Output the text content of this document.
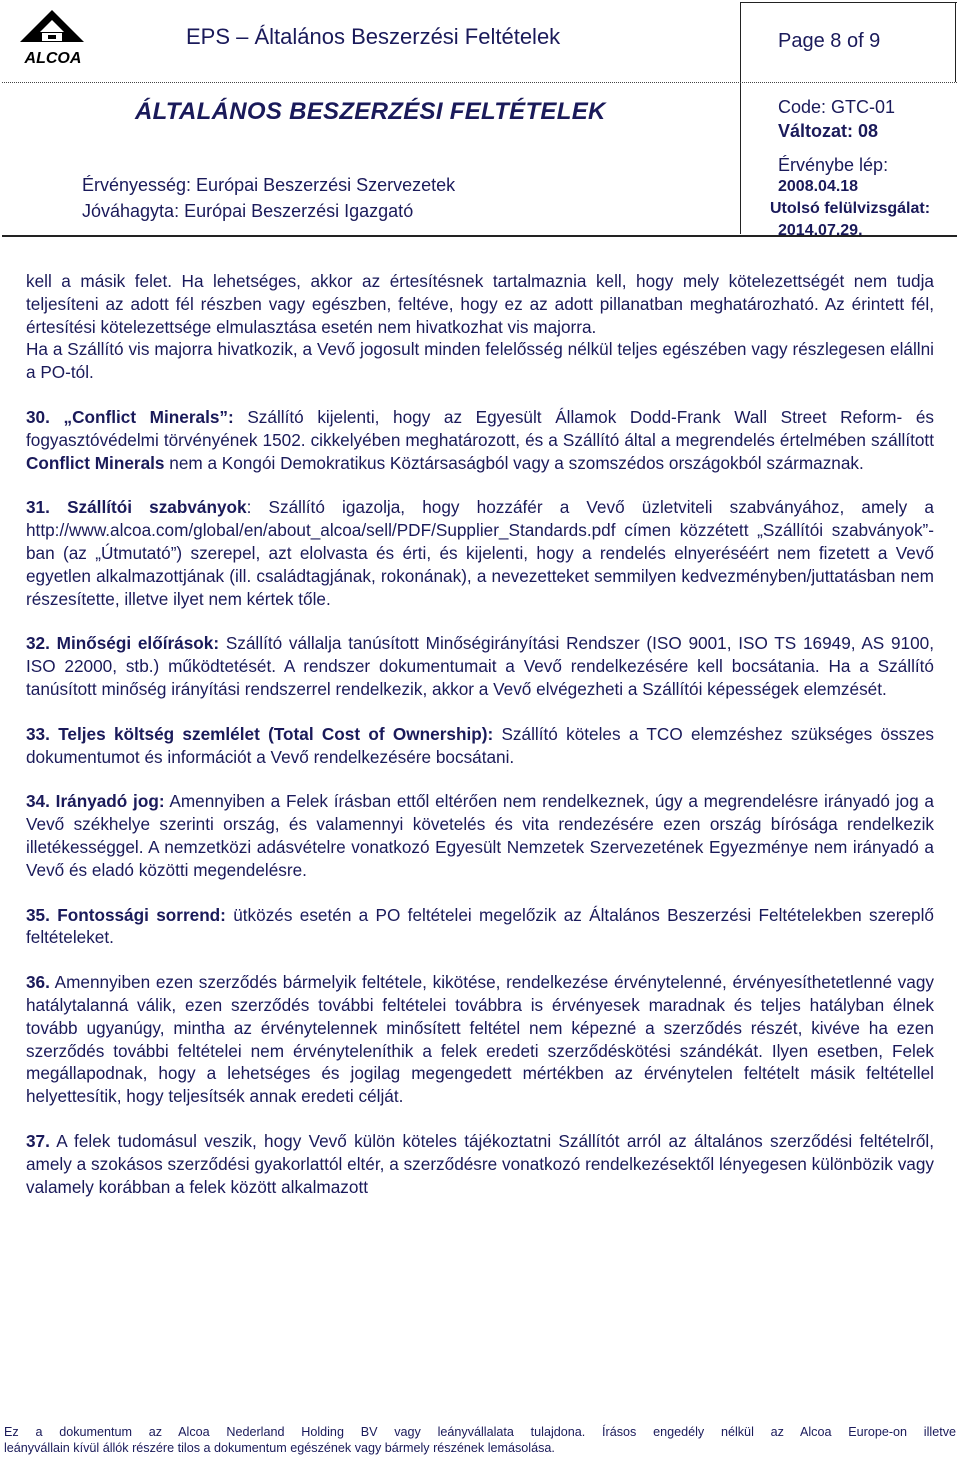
ALCOA
EPS – Általános Beszerzési Feltételek	Page 8 of 9
ÁLTALÁNOS BESZERZÉSI FELTÉTELEK	Code: GTC-01
Változat: 08
Érvényesség: Európai Beszerzési Szervezetek
Jóváhagyta: Európai Beszerzési Igazgató
Érvénybe lép:
2008.04.18
Utolsó felülvizsgálat:
2014.07.29.

kell a másik felet. Ha lehetséges, akkor az értesítésnek tartalmaznia kell, hogy mely kötelezettségét nem tudja teljesíteni az adott fél részben vagy egészben, feltéve, hogy ez az adott pillanatban meghatározható. Az érintett fél, értesítési kötelezettsége elmulasztása esetén nem hivatkozhat vis majorra.

Ha a Szállító vis majorra hivatkozik, a Vevő jogosult minden felelősség nélkül teljes egészében vagy részlegesen elállni a PO-tól.

30. „Conflict Minerals”: Szállító kijelenti, hogy az Egyesült Államok Dodd-Frank Wall Street Reform- és fogyasztóvédelmi törvényének 1502. cikkelyében meghatározott, és a Szállító által a megrendelés értelmében szállított Conflict Minerals nem a Kongói Demokratikus Köztársaságból vagy a szomszédos országokból származnak.

31. Szállítói szabványok: Szállító igazolja, hogy hozzáfér a Vevő üzletviteli szabványához, amely a http://www.alcoa.com/global/en/about_alcoa/sell/PDF/Supplier_Standards.pdf címen közzétett „Szállítói szabványok”-ban (az „Útmutató”) szerepel, azt elolvasta és érti, és kijelenti, hogy a rendelés elnyeréséért nem fizetett a Vevő egyetlen alkalmazottjának (ill. családtagjának, rokonának), a nevezetteket semmilyen kedvezményben/juttatásban nem részesítette, illetve ilyet nem kértek tőle.

32. Minőségi előírások: Szállító vállalja tanúsított Minőségirányítási Rendszer (ISO 9001, ISO TS 16949, AS 9100, ISO 22000, stb.) működtetését. A rendszer dokumentumait a Vevő rendelkezésére kell bocsátania. Ha a Szállító tanúsított minőség irányítási rendszerrel rendelkezik, akkor a Vevő elvégezheti a Szállítói képességek elemzését.

33. Teljes költség szemlélet (Total Cost of Ownership): Szállító köteles a TCO elemzéshez szükséges összes dokumentumot és információt a Vevő rendelkezésére bocsátani.

34. Irányadó jog: Amennyiben a Felek írásban ettől eltérően nem rendelkeznek, úgy a megrendelésre irányadó jog a Vevő székhelye szerinti ország, és valamennyi követelés és vita rendezésére ezen ország bírósága rendelkezik illetékességgel. A nemzetközi adásvételre vonatkozó Egyesült Nemzetek Szervezetének Egyezménye nem irányadó a Vevő és eladó közötti megendelésre.

35. Fontossági sorrend: ütközés esetén a PO feltételei megelőzik az Általános Beszerzési Feltételekben szereplő feltételeket.

36. Amennyiben ezen szerződés bármelyik feltétele, kikötése, rendelkezése érvénytelenné, érvényesíthetetlenné vagy hatálytalanná válik, ezen szerződés további feltételei továbbra is érvényesek maradnak és teljes hatályban élnek tovább ugyanúgy, mintha az érvénytelennek minősített feltétel nem képezné a szerződés részét, kivéve ha ezen szerződés további feltételei nem érvényteleníthik a felek eredeti szerződéskötési szándékát. Ilyen esetben, Felek megállapodnak, hogy a lehetséges és jogilag megengedett mértékben az érvénytelen feltételt másik feltétellel helyettesítik, hogy teljesítsék annak eredeti célját.

37. A felek tudomásul veszik, hogy Vevő külön köteles tájékoztatni Szállítót arról az általános szerződési feltételről, amely a szokásos szerződési gyakorlattól eltér, a szerződésre vonatkozó rendelkezésektől lényegesen különbözik vagy valamely korábban a felek között alkalmazott

Ez a dokumentum az Alcoa Nederland Holding BV vagy leányvállalata tulajdona. Írásos engedély nélkül az Alcoa Europe-on illetve

leányvállain kívül állók részére tilos a dokumentum egészének vagy bármely részének lemásolása.
